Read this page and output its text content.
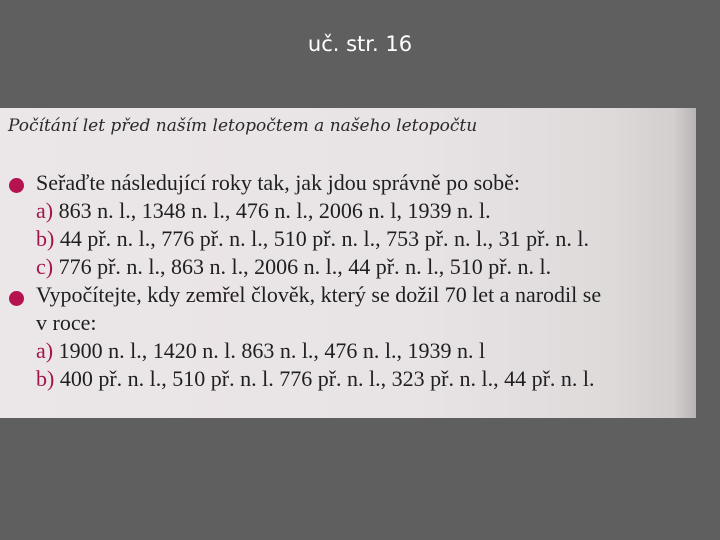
uč. str. 16
Počítání let před naším letopočtem a našeho letopočtu
Seřaďte následující roky tak, jak jdou správně po sobě:
a) 863 n. l., 1348 n. l., 476 n. l., 2006 n. l, 1939 n. l.
b) 44 př. n. l., 776 př. n. l., 510 př. n. l., 753 př. n. l., 31 př. n. l.
c) 776 př. n. l., 863 n. l., 2006 n. l., 44 př. n. l., 510 př. n. l.
Vypočítejte, kdy zemřel člověk, který se dožil 70 let a narodil se
v roce:
a) 1900 n. l., 1420 n. l. 863 n. l., 476 n. l., 1939 n. l
b) 400 př. n. l., 510 př. n. l. 776 př. n. l., 323 př. n. l., 44 př. n. l.
